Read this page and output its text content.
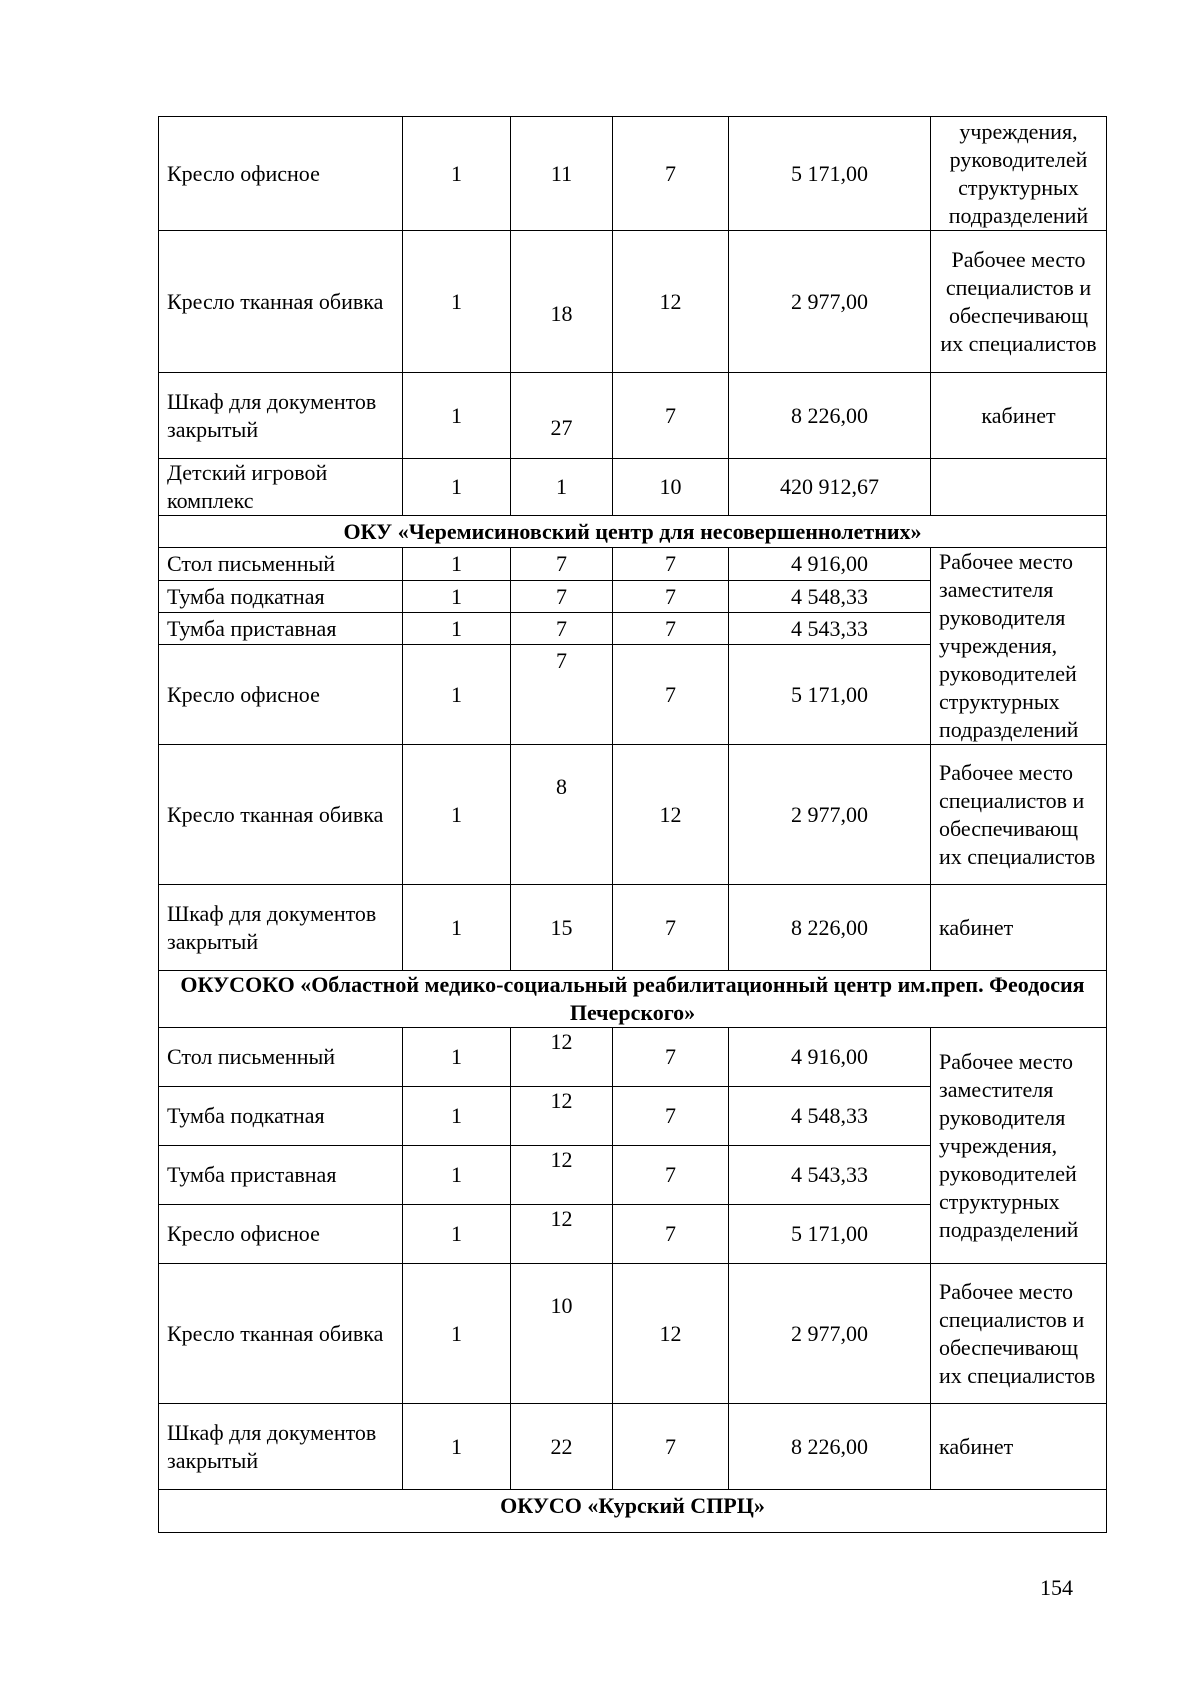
Кресло офисное	1	11	7	5 171,00	учреждения, руководителей структурных подразделений
Кресло тканная обивка	1	18	12	2 977,00	Рабочее место специалистов и обеспечивающ их специалистов
Шкаф для документов закрытый	1	27	7	8 226,00	кабинет
Детский игровой комплекс	1	1	10	420 912,67	
ОКУ «Черемисиновский центр для несовершеннолетних»					
Стол письменный	1	7	7	4 916,00	Рабочее место заместителя руководителя учреждения, руководителей структурных подразделений
Тумба подкатная	1	7	7	4 548,33	
Тумба приставная	1	7	7	4 543,33	
Кресло офисное	1	7	7	5 171,00	
Кресло тканная обивка	1	8	12	2 977,00	Рабочее место специалистов и обеспечивающ их специалистов
Шкаф для документов закрытый	1	15	7	8 226,00	кабинет
ОКУСОКО «Областной медико-социальный реабилитационный центр им.преп. Феодосия Печерского»					
Стол письменный	1	12	7	4 916,00	Рабочее место заместителя руководителя учреждения, руководителей структурных подразделений
Тумба подкатная	1	12	7	4 548,33	
Тумба приставная	1	12	7	4 543,33	
Кресло офисное	1	12	7	5 171,00	
Кресло тканная обивка	1	10	12	2 977,00	Рабочее место специалистов и обеспечивающ их специалистов
Шкаф для документов закрытый	1	22	7	8 226,00	кабинет
ОКУСО «Курский СПРЦ»					
154
